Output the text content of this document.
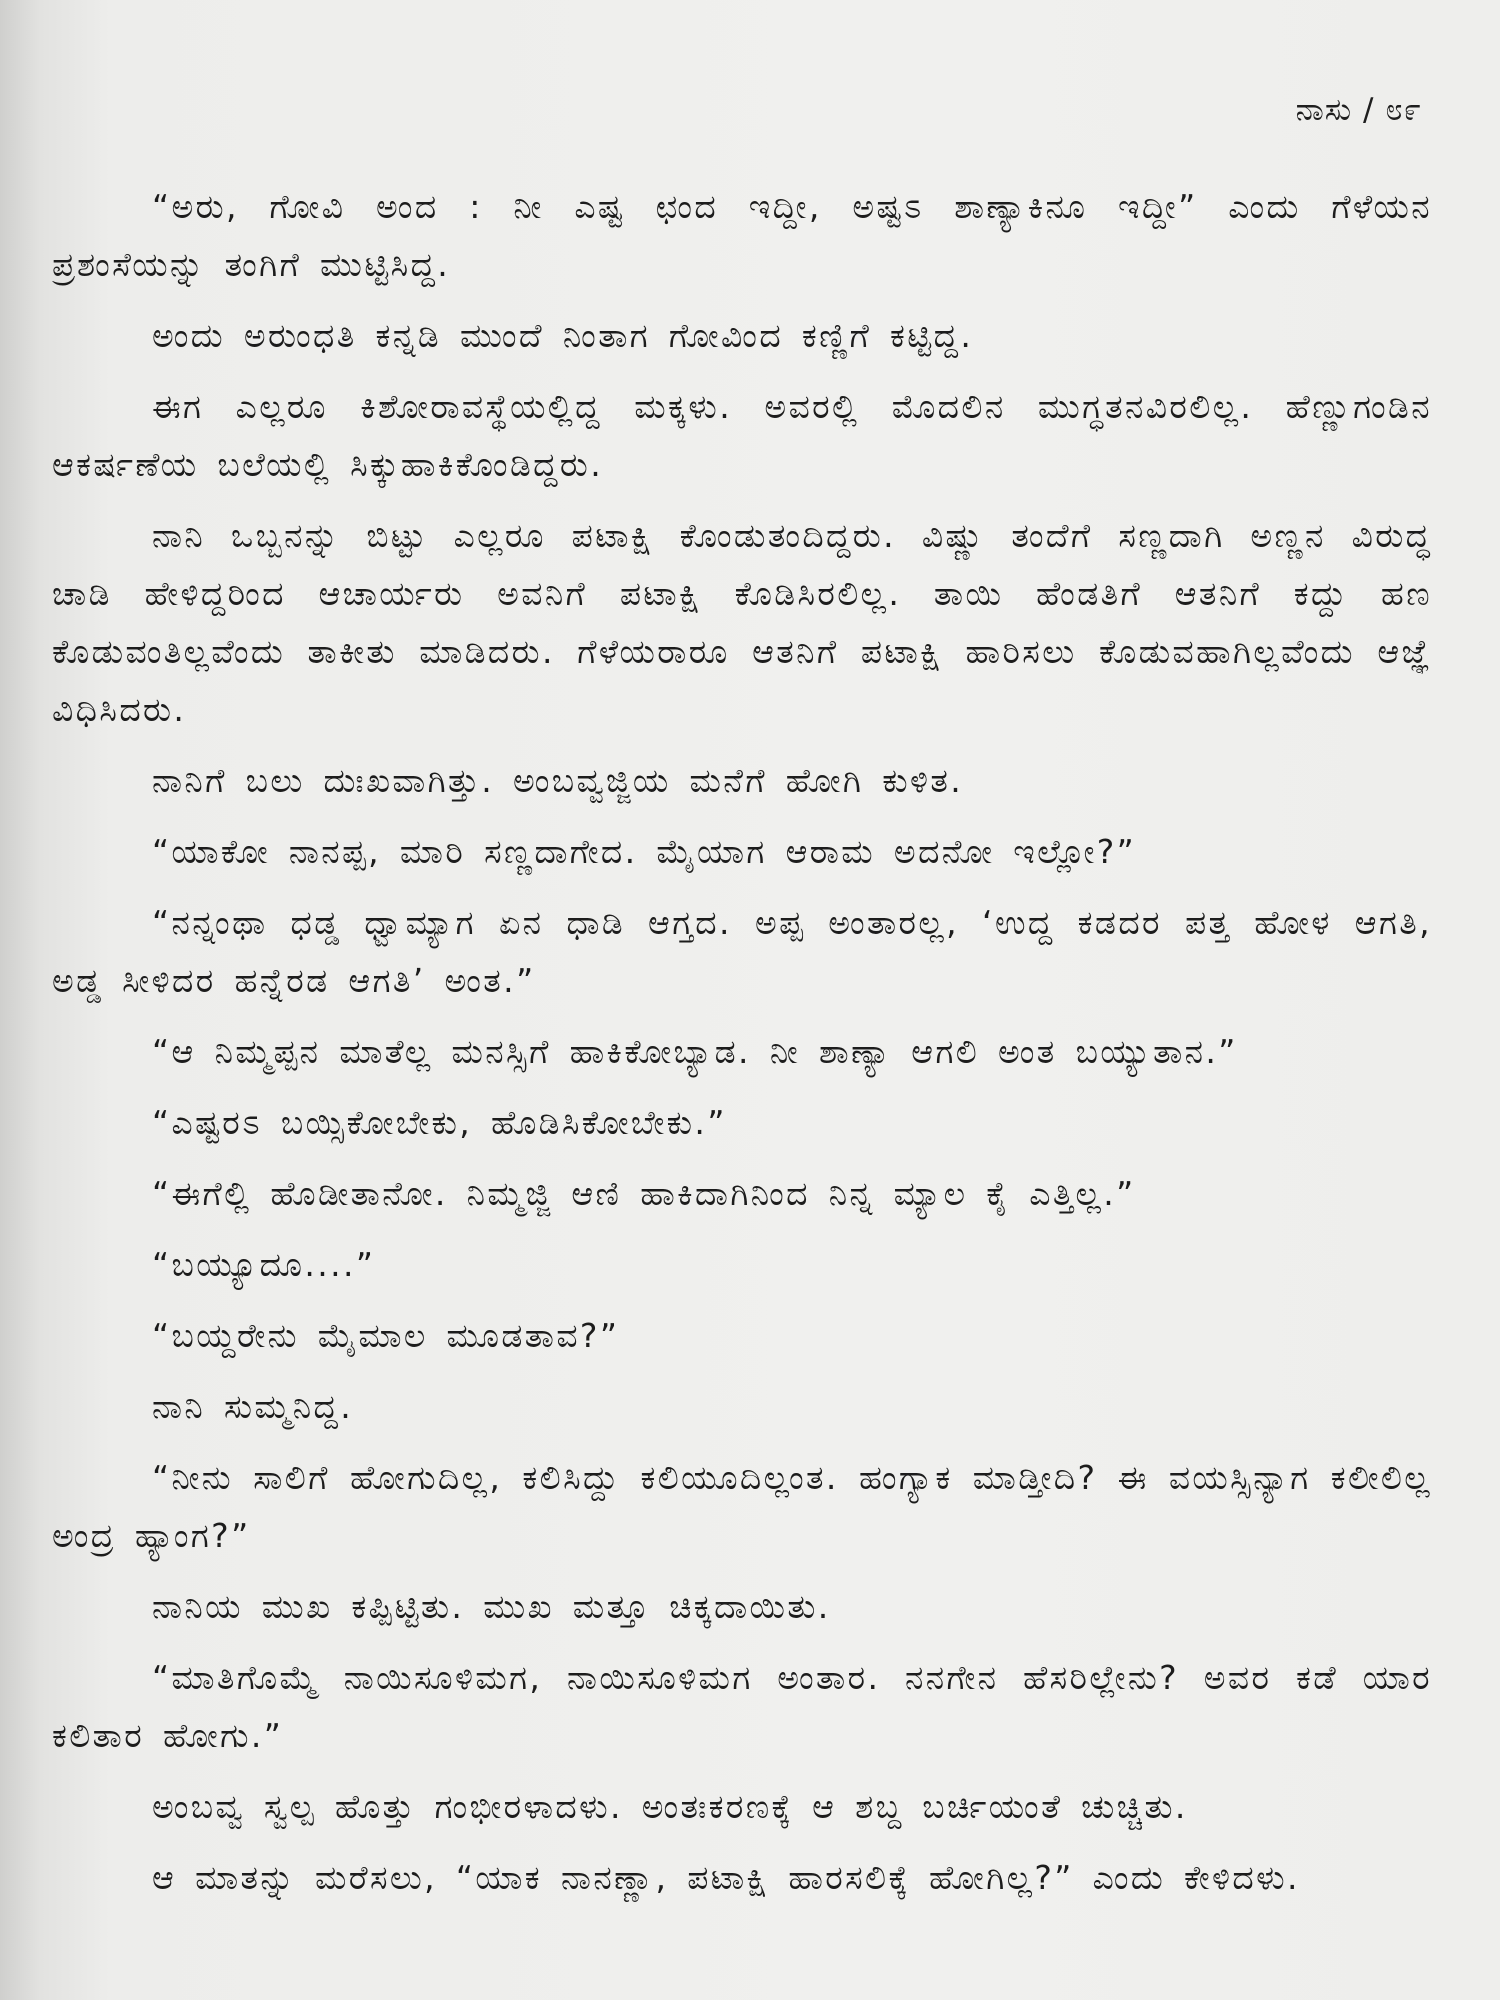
ನಾಸು / ೮೯

“ಅರು, ಗೋವಿ ಅಂದ : ನೀ ಎಷ್ಟ ಛಂದ ಇದ್ದೀ, ಅಷ್ಟಽ ಶಾಣ್ಯಾಕಿನೂ ಇದ್ದೀ” ಎಂದು ಗೆಳೆಯನ ಪ್ರಶಂಸೆಯನ್ನು ತಂಗಿಗೆ ಮುಟ್ಟಿಸಿದ್ದ.

ಅಂದು ಅರುಂಧತಿ ಕನ್ನಡಿ ಮುಂದೆ ನಿಂತಾಗ ಗೋವಿಂದ ಕಣ್ಣಿಗೆ ಕಟ್ಟಿದ್ದ.

ಈಗ ಎಲ್ಲರೂ ಕಿಶೋರಾವಸ್ಥೆಯಲ್ಲಿದ್ದ ಮಕ್ಕಳು. ಅವರಲ್ಲಿ ಮೊದಲಿನ ಮುಗ್ಧತನವಿರಲಿಲ್ಲ. ಹೆಣ್ಣುಗಂಡಿನ ಆಕರ್ಷಣೆಯ ಬಲೆಯಲ್ಲಿ ಸಿಕ್ಕುಹಾಕಿಕೊಂಡಿದ್ದರು.

ನಾನಿ ಒಬ್ಬನನ್ನು ಬಿಟ್ಟು ಎಲ್ಲರೂ ಪಟಾಕ್ಷಿ ಕೊಂಡುತಂದಿದ್ದರು. ವಿಷ್ಣು ತಂದೆಗೆ ಸಣ್ಣದಾಗಿ ಅಣ್ಣನ ವಿರುದ್ಧ ಚಾಡಿ ಹೇಳಿದ್ದರಿಂದ ಆಚಾರ್ಯರು ಅವನಿಗೆ ಪಟಾಕ್ಷಿ ಕೊಡಿಸಿರಲಿಲ್ಲ. ತಾಯಿ ಹೆಂಡತಿಗೆ ಆತನಿಗೆ ಕದ್ದು ಹಣ ಕೊಡುವಂತಿಲ್ಲವೆಂದು ತಾಕೀತು ಮಾಡಿದರು. ಗೆಳೆಯರಾರೂ ಆತನಿಗೆ ಪಟಾಕ್ಷಿ ಹಾರಿಸಲು ಕೊಡುವಹಾಗಿಲ್ಲವೆಂದು ಆಜ್ಞೆ ವಿಧಿಸಿದರು.

ನಾನಿಗೆ ಬಲು ದುಃಖವಾಗಿತ್ತು. ಅಂಬವ್ವಜ್ಜಿಯ ಮನೆಗೆ ಹೋಗಿ ಕುಳಿತ.

“ಯಾಕೋ ನಾನಪ್ಪ, ಮಾರಿ ಸಣ್ಣದಾಗೇದ. ಮೈಯಾಗ ಆರಾಮ ಅದನೋ ಇಲ್ಲೋ?”

“ನನ್ನಂಥಾ ಧಡ್ಡ ಧ್ವಾಮ್ಯಾಗ ಏನ ಧಾಡಿ ಆಗ್ತದ. ಅಪ್ಪ ಅಂತಾರಲ್ಲ, ‘ಉದ್ದ ಕಡದರ ಪತ್ತ ಹೋಳ ಆಗತಿ, ಅಡ್ಡ ಸೀಳಿದರ ಹನ್ನೆರಡ ಆಗತಿ’ ಅಂತ.”

“ಆ ನಿಮ್ಮಪ್ಪನ ಮಾತೆಲ್ಲ ಮನಸ್ಸಿಗೆ ಹಾಕಿಕೋಬ್ಯಾಡ. ನೀ ಶಾಣ್ಯಾ ಆಗಲಿ ಅಂತ ಬಯ್ಯುತಾನ.”

“ಎಷ್ಟರಽ ಬಯ್ಸಿಕೋಬೇಕು, ಹೊಡಿಸಿಕೋಬೇಕು.”

“ಈಗೆಲ್ಲಿ ಹೊಡೀತಾನೋ. ನಿಮ್ಮಜ್ಜಿ ಆಣಿ ಹಾಕಿದಾಗಿನಿಂದ ನಿನ್ನ ಮ್ಯಾಲ ಕೈ ಎತ್ತಿಲ್ಲ.”

“ಬಯ್ಯೂದೂ....”

“ಬಯ್ದರೇನು ಮೈಮಾಲ ಮೂಡತಾವ?”

ನಾನಿ ಸುಮ್ಮನಿದ್ದ.

“ನೀನು ಸಾಲಿಗೆ ಹೋಗುದಿಲ್ಲ, ಕಲಿಸಿದ್ದು ಕಲಿಯೂದಿಲ್ಲಂತ. ಹಂಗ್ಯಾಕ ಮಾಡ್ತೀದಿ? ಈ ವಯಸ್ಸಿನ್ಯಾಗ ಕಲೀಲಿಲ್ಲ ಅಂದ್ರ ಹ್ಯಾಂಗ?”

ನಾನಿಯ ಮುಖ ಕಪ್ಪಿಟ್ಟಿತು. ಮುಖ ಮತ್ತೂ ಚಿಕ್ಕದಾಯಿತು.

“ಮಾತಿಗೊಮ್ಮೆ ನಾಯಿಸೂಳಿಮಗ, ನಾಯಿಸೂಳಿಮಗ ಅಂತಾರ. ನನಗೇನ ಹೆಸರಿಲ್ಲೇನು? ಅವರ ಕಡೆ ಯಾರ ಕಲಿತಾರ ಹೋಗು.”

ಅಂಬವ್ವ ಸ್ವಲ್ಪ ಹೊತ್ತು ಗಂಭೀರಳಾದಳು. ಅಂತಃಕರಣಕ್ಕೆ ಆ ಶಬ್ದ ಬರ್ಚಿಯಂತೆ ಚುಚ್ಚಿತು.

ಆ ಮಾತನ್ನು ಮರೆಸಲು, “ಯಾಕ ನಾನಣ್ಣಾ, ಪಟಾಕ್ಷಿ ಹಾರಸಲಿಕ್ಕೆ ಹೋಗಿಲ್ಲ?” ಎಂದು ಕೇಳಿದಳು.
